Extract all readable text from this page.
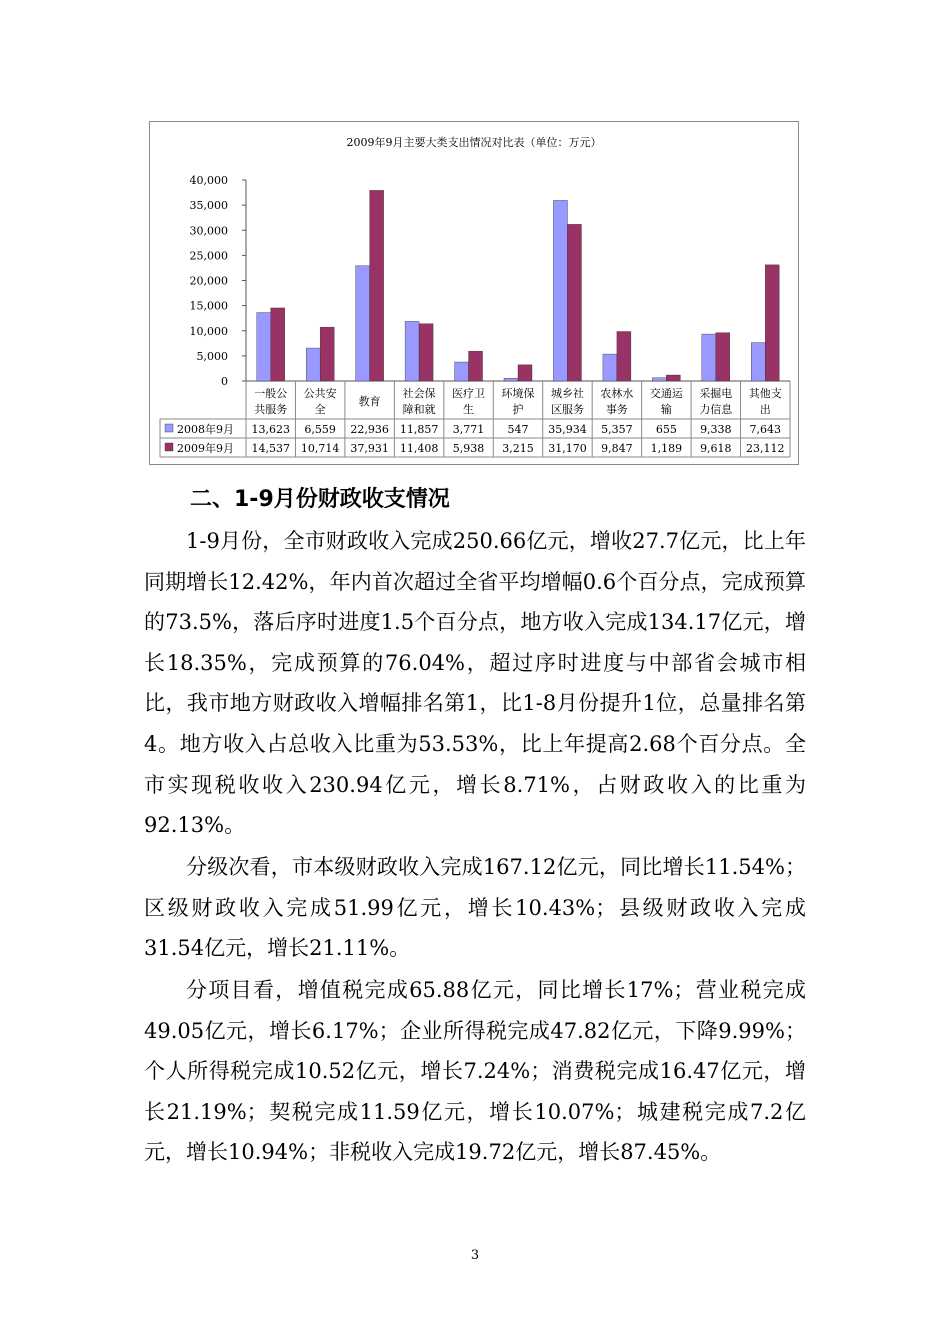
2009年9月主要大类支出情况对比表（单位：万元）
40,000
35,000
30,000
25,000
20,000
15,000
10,000
5,000
0
一般公
共服务
公共安
全
教育
社会保
障和就
医疗卫
生
环境保
护
城乡社
区服务
农林水
事务
交通运
输
采掘电
力信息
其他支
出
2008年9月 13,623 6,559 22,936 11,857 3,771 547 35,934 5,357 655 9,338 7,643
2009年9月 14,537 10,714 37,931 11,408 5,938 3,215 31,170 9,847 1,189 9,618 23,112
二、1-9月份财政收支情况

1-9月份，全市财政收入完成250.66亿元，增收27.7亿元，比上年同期增长12.42%，年内首次超过全省平均增幅0.6个百分点，完成预算的73.5%，落后序时进度1.5个百分点，地方收入完成134.17亿元，增长18.35%，完成预算的76.04%，超过序时进度与中部省会城市相比，我市地方财政收入增幅排名第1，比1-8月份提升1位，总量排名第4。地方收入占总收入比重为53.53%，比上年提高2.68个百分点。全市实现税收收入230.94亿元，增长8.71%，占财政收入的比重为92.13%。

分级次看，市本级财政收入完成167.12亿元，同比增长11.54%；区级财政收入完成51.99亿元，增长10.43%；县级财政收入完成31.54亿元，增长21.11%。

分项目看，增值税完成65.88亿元，同比增长17%；营业税完成49.05亿元，增长6.17%；企业所得税完成47.82亿元，下降9.99%；个人所得税完成10.52亿元，增长7.24%；消费税完成16.47亿元，增长21.19%；契税完成11.59亿元，增长10.07%；城建税完成7.2亿元，增长10.94%；非税收入完成19.72亿元，增长87.45%。

3
